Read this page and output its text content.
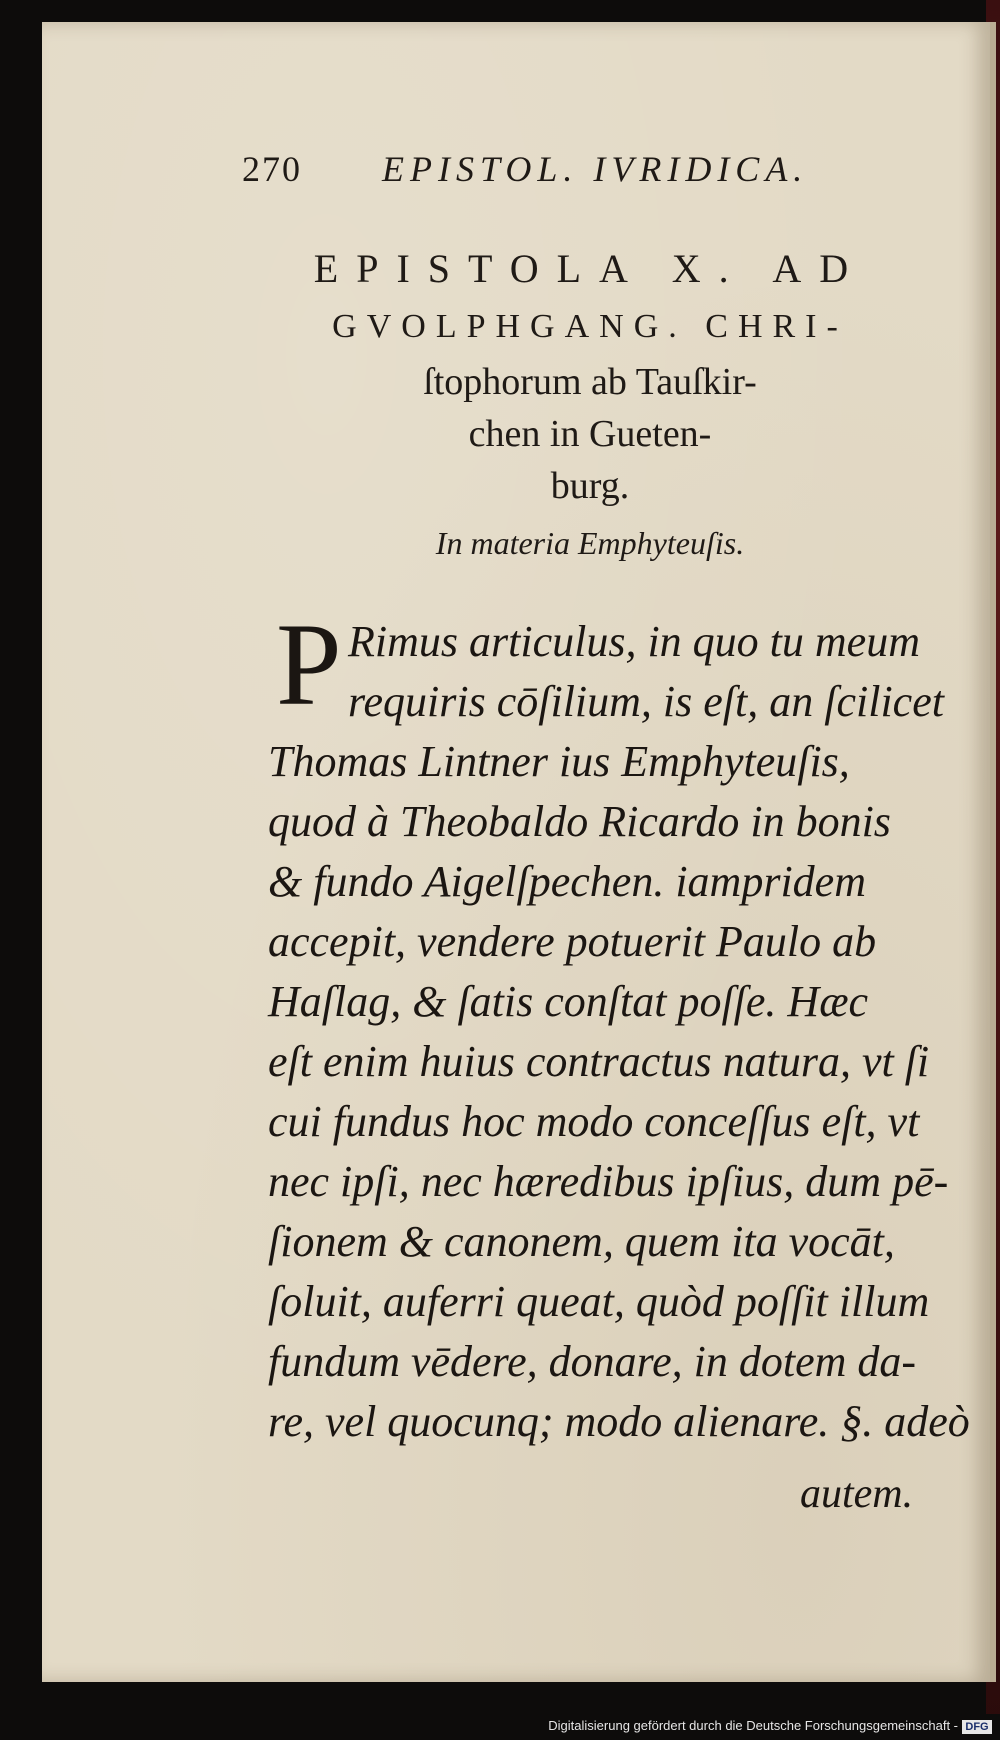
270 EPISTOL. IVRIDICA.
EPISTOLA X. AD
GVOLPHGANG. CHRI-
ſtophorum ab Tauſkir-
chen in Gueten-
burg.
In materia Emphyteuſis.
P Rimus articulus, in quo tu meum
requiris cōſilium, is eſt, an ſcilicet
Thomas Lintner ius Emphyteuſis,
quod à Theobaldo Ricardo in bonis
& fundo Aigelſpechen. iampridem
accepit, vendere potuerit Paulo ab
Haſlag, & ſatis conſtat poſſe. Hæc
eſt enim huius contractus natura, vt ſi
cui fundus hoc modo conceſſus eſt, vt
nec ipſi, nec hæredibus ipſius, dum pē-
ſionem & canonem, quem ita vocāt,
ſoluit, auferri queat, quòd poſſit illum
fundum vēdere, donare, in dotem da-
re, vel quocunq; modo alienare. §. adeò
autem.
Digitalisierung gefördert durch die Deutsche Forschungsgemeinschaft - DFG
